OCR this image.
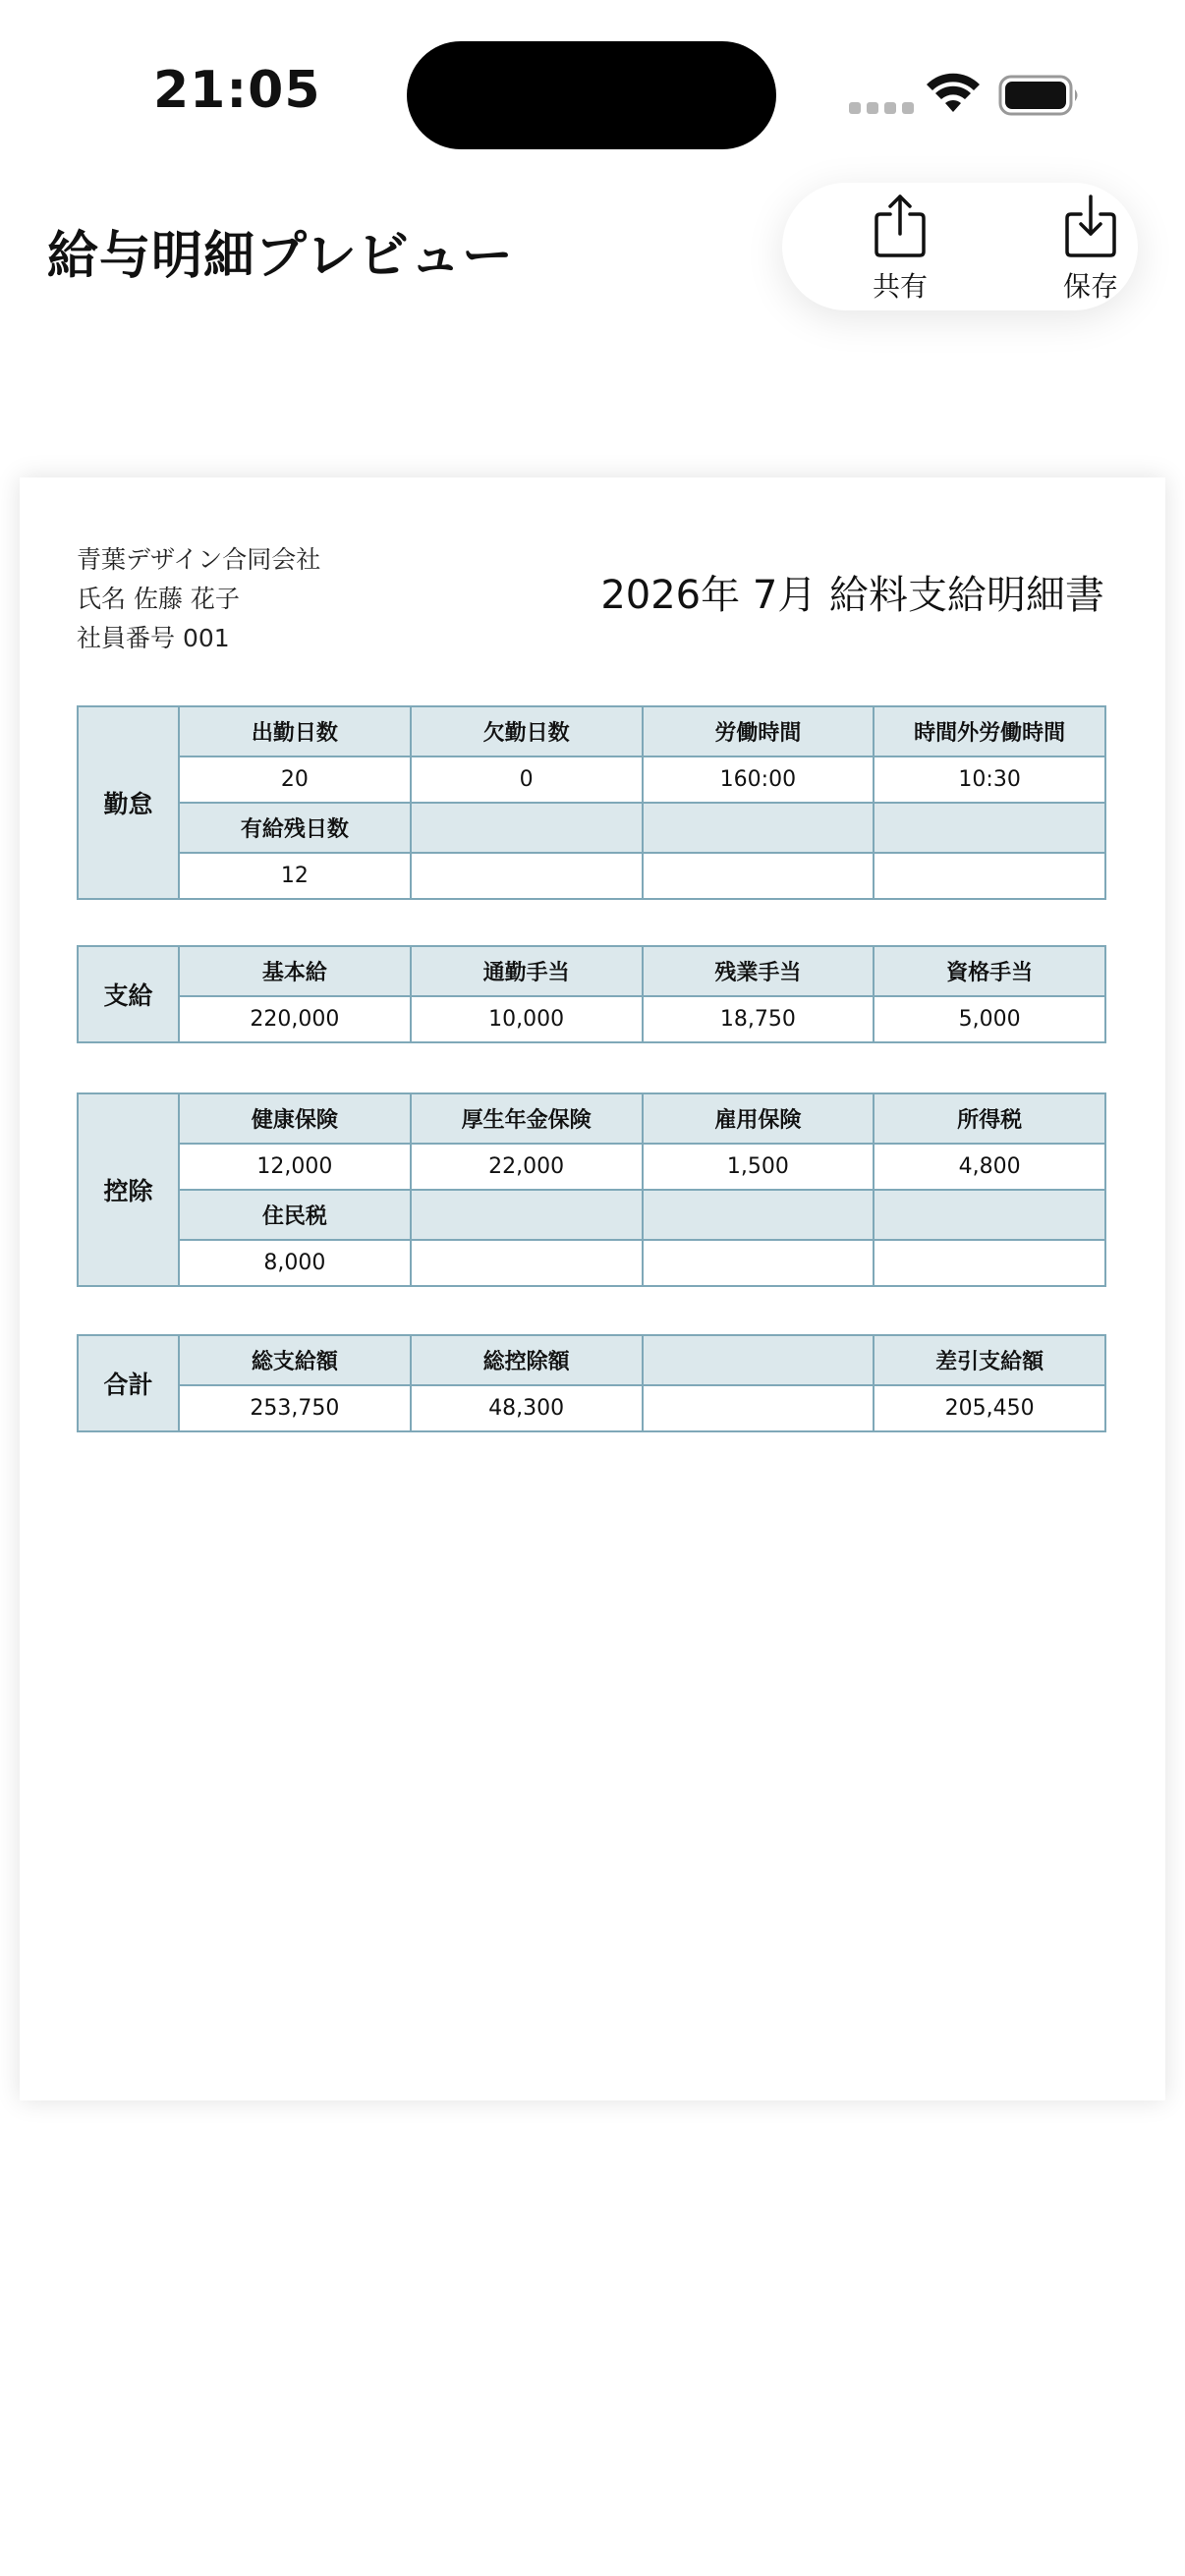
21:05
給与明細プレビュー
共有	保存
青葉デザイン合同会社
氏名 佐藤 花子
社員番号 001
2026年 7月 給料支給明細書
勤怠	出勤日数	欠勤日数	労働時間	時間外労働時間
	20	0	160:00	10:30
	有給残日数			
	12			
支給	基本給	通勤手当	残業手当	資格手当
	220,000	10,000	18,750	5,000
控除	健康保険	厚生年金保険	雇用保険	所得税
	12,000	22,000	1,500	4,800
	住民税			
	8,000			
合計	総支給額	総控除額		差引支給額
	253,750	48,300		205,450
